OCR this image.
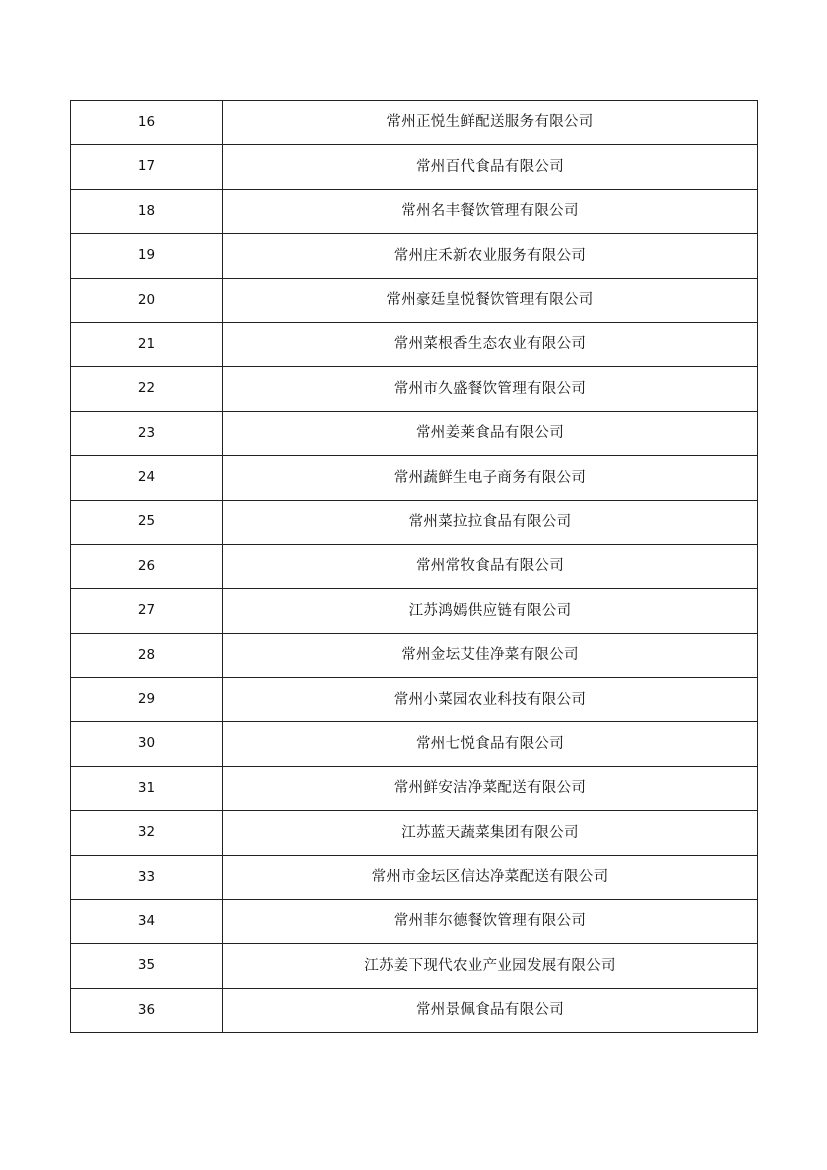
16	常州正悦生鲜配送服务有限公司
17	常州百代食品有限公司
18	常州名丰餐饮管理有限公司
19	常州庄禾新农业服务有限公司
20	常州豪廷皇悦餐饮管理有限公司
21	常州菜根香生态农业有限公司
22	常州市久盛餐饮管理有限公司
23	常州姜莱食品有限公司
24	常州蔬鲜生电子商务有限公司
25	常州菜拉拉食品有限公司
26	常州常牧食品有限公司
27	江苏鸿嫣供应链有限公司
28	常州金坛艾佳净菜有限公司
29	常州小菜园农业科技有限公司
30	常州七悦食品有限公司
31	常州鲜安洁净菜配送有限公司
32	江苏蓝天蔬菜集团有限公司
33	常州市金坛区信达净菜配送有限公司
34	常州菲尔德餐饮管理有限公司
35	江苏姜下现代农业产业园发展有限公司
36	常州景佩食品有限公司
